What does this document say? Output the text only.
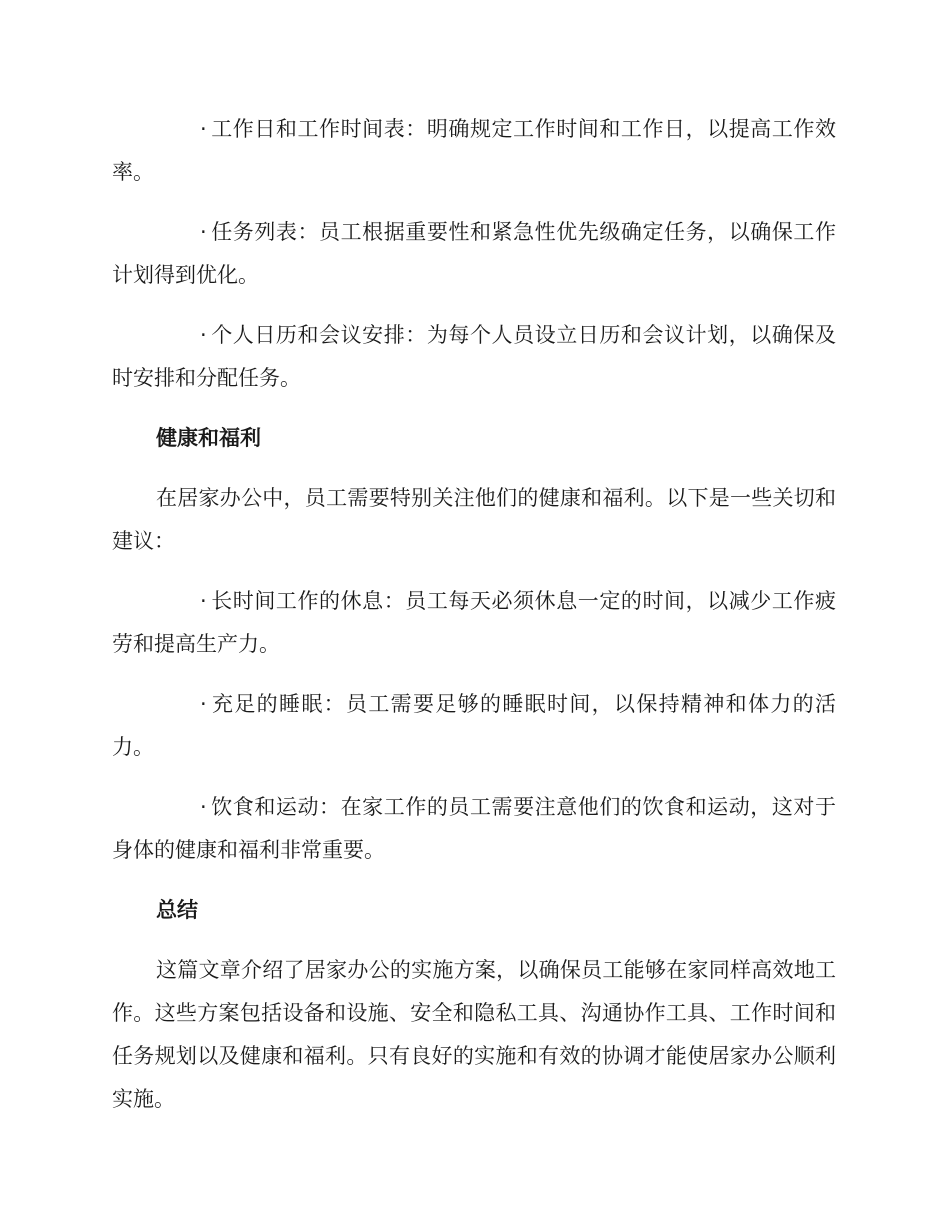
· 工作日和工作时间表：明确规定工作时间和工作日，以提高工作效率。

· 任务列表：员工根据重要性和紧急性优先级确定任务，以确保工作计划得到优化。

· 个人日历和会议安排：为每个人员设立日历和会议计划，以确保及时安排和分配任务。

健康和福利

在居家办公中，员工需要特别关注他们的健康和福利。以下是一些关切和建议：

· 长时间工作的休息：员工每天必须休息一定的时间，以减少工作疲劳和提高生产力。

· 充足的睡眠：员工需要足够的睡眠时间，以保持精神和体力的活力。

· 饮食和运动：在家工作的员工需要注意他们的饮食和运动，这对于身体的健康和福利非常重要。

总结

这篇文章介绍了居家办公的实施方案，以确保员工能够在家同样高效地工作。这些方案包括设备和设施、安全和隐私工具、沟通协作工具、工作时间和任务规划以及健康和福利。只有良好的实施和有效的协调才能使居家办公顺利实施。
